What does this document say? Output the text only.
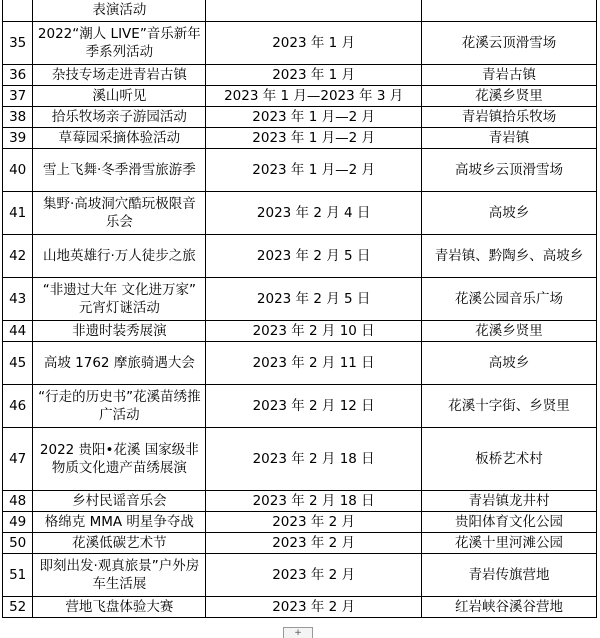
	表演活动		
35	2022“潮人 LIVE”音乐新年季系列活动	2023 年 1 月	花溪云顶滑雪场
36	杂技专场走进青岩古镇	2023 年 1 月	青岩古镇
37	溪山听见	2023 年 1 月—2023 年 3 月	花溪乡贤里
38	拾乐牧场亲子游园活动	2023 年 1 月—2 月	青岩镇拾乐牧场
39	草莓园采摘体验活动	2023 年 1 月—2 月	青岩镇
40	雪上飞舞·冬季滑雪旅游季	2023 年 1 月—2 月	高坡乡云顶滑雪场
41	集野·高坡洞穴酷玩极限音乐会	2023 年 2 月 4 日	高坡乡
42	山地英雄行·万人徒步之旅	2023 年 2 月 5 日	青岩镇、黔陶乡、高坡乡
43	“非遗过大年 文化进万家” 元宵灯谜活动	2023 年 2 月 5 日	花溪公园音乐广场
44	非遗时装秀展演	2023 年 2 月 10 日	花溪乡贤里
45	高坡 1762 摩旅骑遇大会	2023 年 2 月 11 日	高坡乡
46	“行走的历史书”花溪苗绣推广活动	2023 年 2 月 12 日	花溪十字街、乡贤里
47	2022 贵阳•花溪 国家级非物质文化遗产苗绣展演	2023 年 2 月 18 日	板桥艺术村
48	乡村民谣音乐会	2023 年 2 月 18 日	青岩镇龙井村
49	格绵克 MMA 明星争夺战	2023 年 2 月	贵阳体育文化公园
50	花溪低碳艺术节	2023 年 2 月	花溪十里河滩公园
51	即刻出发·观真旅景”户外房车生活展	2023 年 2 月	青岩传旗营地
52	营地飞盘体验大赛	2023 年 2 月	红岩峡谷溪谷营地
+
